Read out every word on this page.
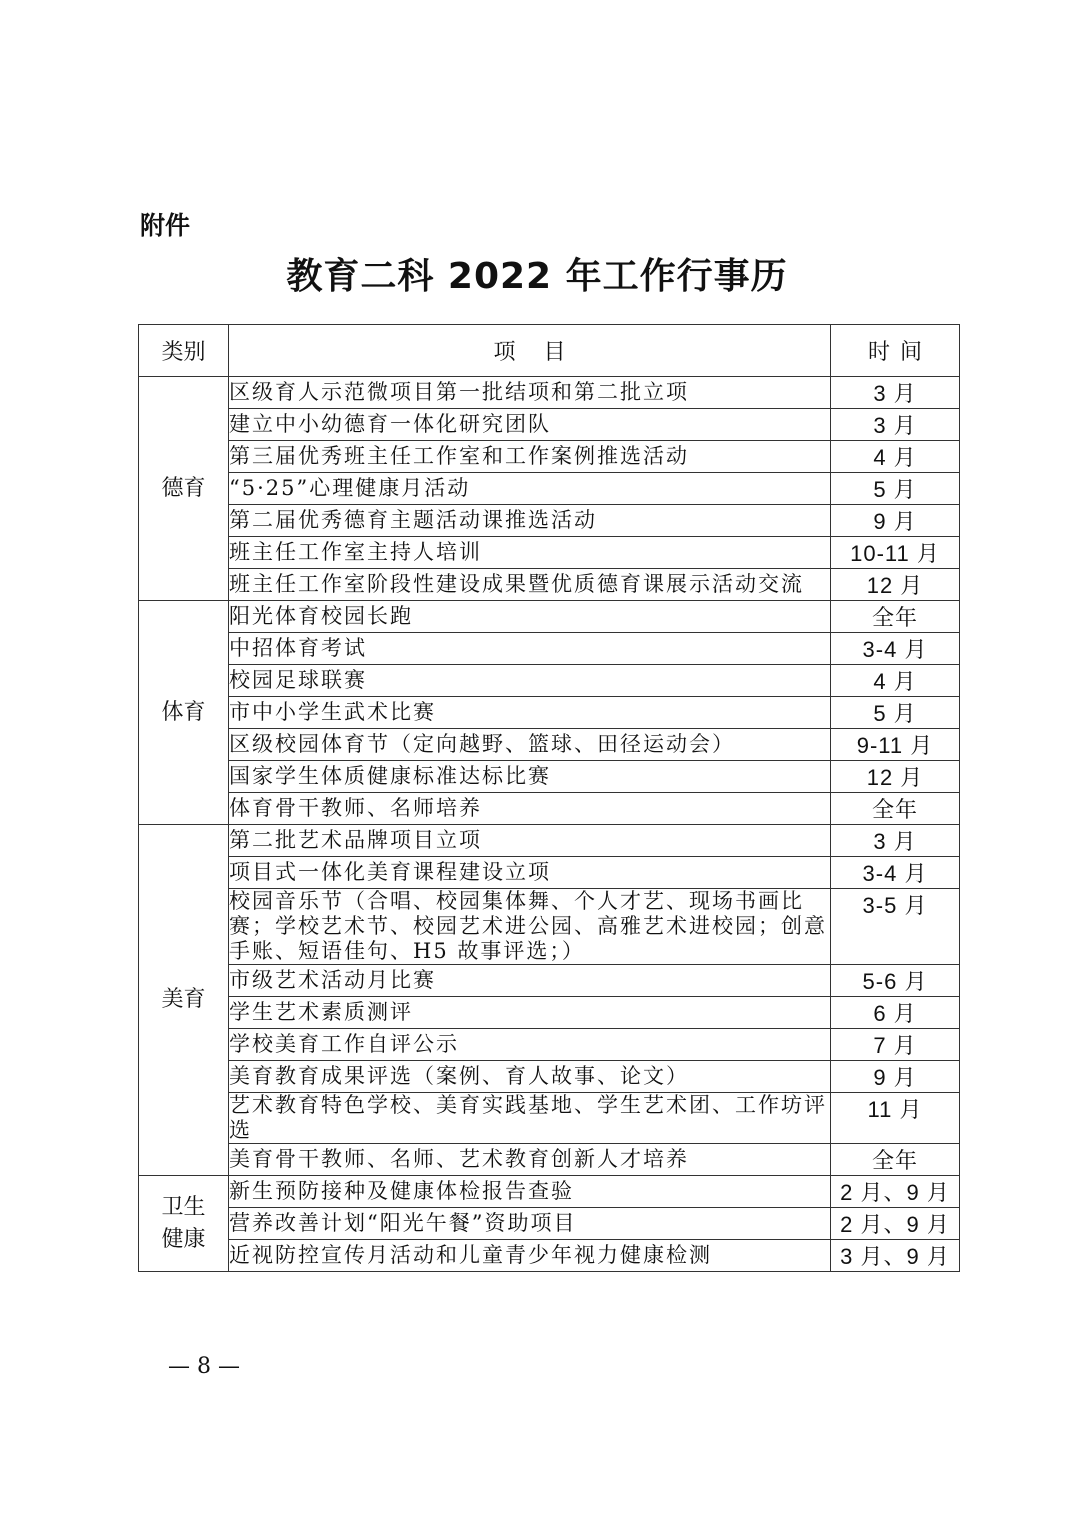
附件
教育二科 2022 年工作行事历
类别	项目	时间
德育	区级育人示范微项目第一批结项和第二批立项	3 月
	建立中小幼德育一体化研究团队	3 月
	第三届优秀班主任工作室和工作案例推选活动	4 月
	“5·25”心理健康月活动	5 月
	第二届优秀德育主题活动课推选活动	9 月
	班主任工作室主持人培训	10-11 月
	班主任工作室阶段性建设成果暨优质德育课展示活动交流	12 月
体育	阳光体育校园长跑	全年
	中招体育考试	3-4 月
	校园足球联赛	4 月
	市中小学生武术比赛	5 月
	区级校园体育节（定向越野、篮球、田径运动会）	9-11 月
	国家学生体质健康标准达标比赛	12 月
	体育骨干教师、名师培养	全年
美育	第二批艺术品牌项目立项	3 月
	项目式一体化美育课程建设立项	3-4 月
	校园音乐节（合唱、校园集体舞、个人才艺、现场书画比赛；学校艺术节、校园艺术进公园、高雅艺术进校园；创意手账、短语佳句、H5 故事评选；）	3-5 月
	市级艺术活动月比赛	5-6 月
	学生艺术素质测评	6 月
	学校美育工作自评公示	7 月
	美育教育成果评选（案例、育人故事、论文）	9 月
	艺术教育特色学校、美育实践基地、学生艺术团、工作坊评选	11 月
	美育骨干教师、名师、艺术教育创新人才培养	全年
卫生健康	新生预防接种及健康体检报告查验	2 月、9 月
	营养改善计划“阳光午餐”资助项目	2 月、9 月
	近视防控宣传月活动和儿童青少年视力健康检测	3 月、9 月
— 8 —
